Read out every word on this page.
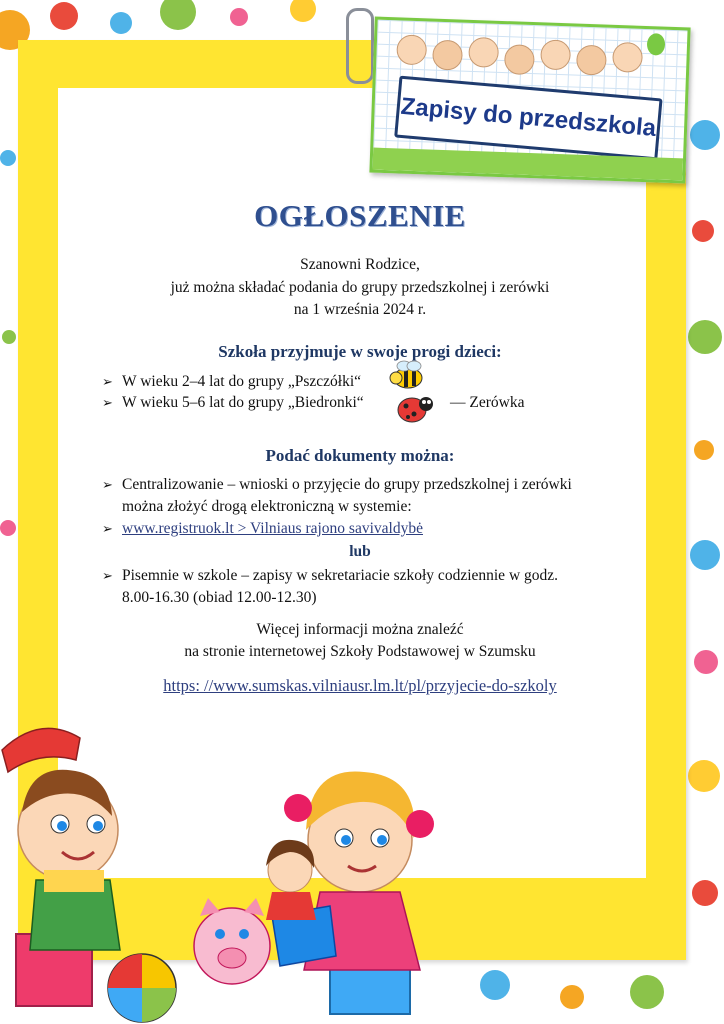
Zapisy do przedszkola
OGŁOSZENIE
Szanowni Rodzice,
już można składać podania do grupy przedszkolnej i zerówki
na 1 września 2024 r.
Szkoła przyjmuje w swoje progi dzieci:
➢ W wieku 2–4 lat do grupy „Pszczółki“
➢ W wieku 5–6 lat do grupy „Biedronki“	— Zerówka
Podać dokumenty można:
➢ Centralizowanie – wnioski o przyjęcie do grupy przedszkolnej i zerówki
można złożyć drogą elektroniczną w systemie:
➢ www.registruok.lt > Vilniaus rajono savivaldybė
lub
➢ Pisemnie w szkole – zapisy w sekretariacie szkoły codziennie w godz.
8.00-16.30 (obiad 12.00-12.30)
Więcej informacji można znaleźć
na stronie internetowej Szkoły Podstawowej w Szumsku
https: //www.sumskas.vilniausr.lm.lt/pl/przyjecie-do-szkoly
